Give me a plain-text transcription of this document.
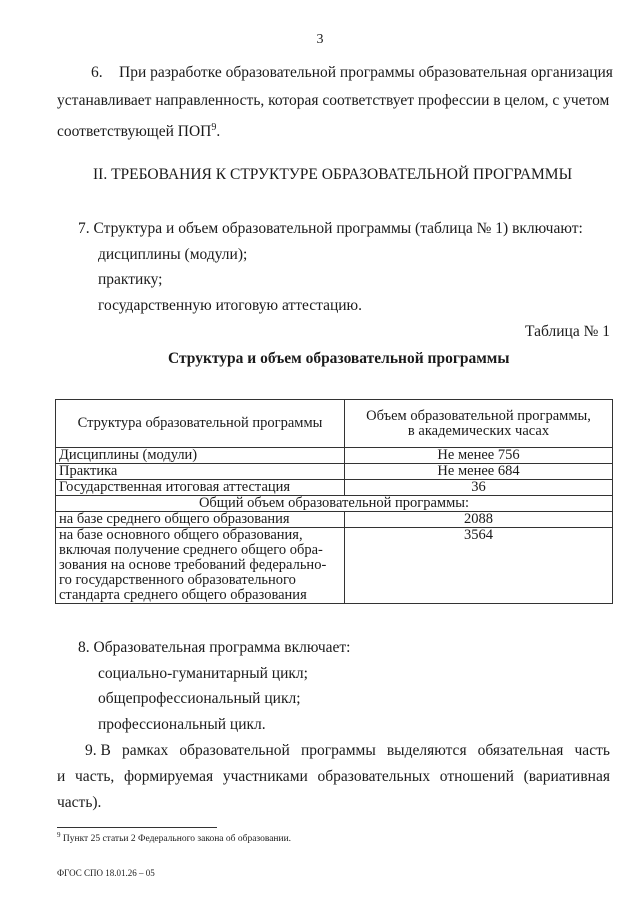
3
6. При разработке образовательной программы образовательная организация
устанавливает направленность, которая соответствует профессии в целом, с учетом
соответствующей ПОП$^9$.
II. ТРЕБОВАНИЯ К СТРУКТУРЕ ОБРАЗОВАТЕЛЬНОЙ ПРОГРАММЫ
7. Структура и объем образовательной программы (таблица № 1) включают:
дисциплины (модули);
практику;
государственную итоговую аттестацию.
Таблица № 1
Структура и объем образовательной программы
Структура образовательной программы	Объем образовательной программы,
в академических часах
Дисциплины (модули)	Не менее 756
Практика	Не менее 684
Государственная итоговая аттестация	36
Общий объем образовательной программы:	
на базе среднего общего образования	2088

на базе основного общего образования,
включая получение среднего общего обра-
зования на основе требований федерально-
го государственного образовательного
стандарта среднего общего образования	3564
8. Образовательная программа включает:
социально-гуманитарный цикл;
общепрофессиональный цикл;
профессиональный цикл.
9. В рамках образовательной программы выделяются обязательная часть
и часть, формируемая участниками образовательных отношений (вариативная
часть).
$^9$ Пункт 25 статьи 2 Федерального закона об образовании.
ФГОС СПО 18.01.26 – 05
